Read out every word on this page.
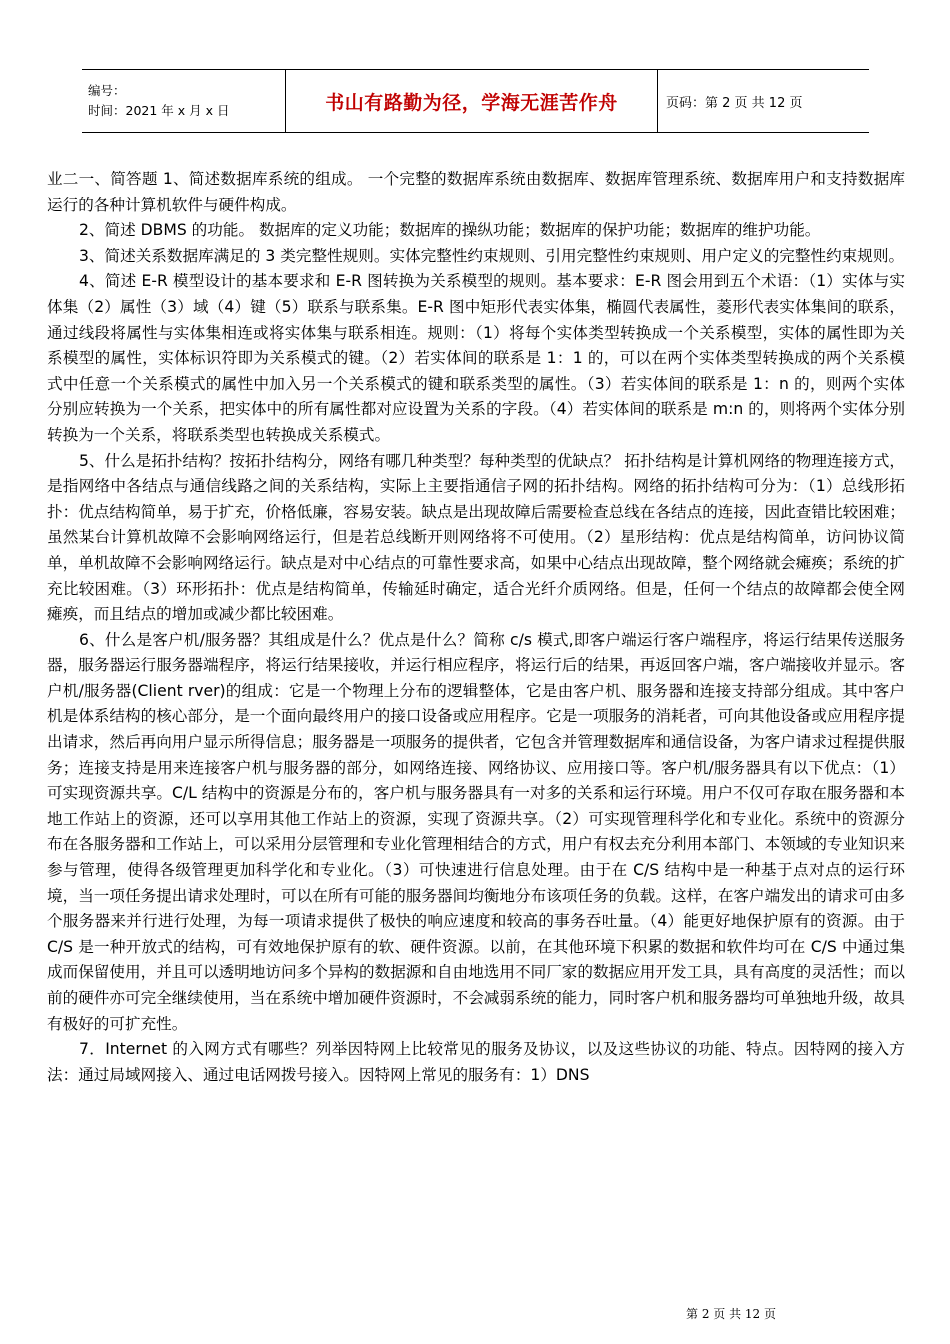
编号：
时间：2021 年 x 月 x 日	书山有路勤为径，学海无涯苦作舟	页码：第 2 页 共 12 页

业二一、简答题 1、简述数据库系统的组成。 一个完整的数据库系统由数据库、数据库管理系统、数据库用户和支持数据库运行的各种计算机软件与硬件构成。

2、简述 DBMS 的功能。 数据库的定义功能；数据库的操纵功能；数据库的保护功能；数据库的维护功能。

3、简述关系数据库满足的 3 类完整性规则。实体完整性约束规则、引用完整性约束规则、用户定义的完整性约束规则。

4、简述 E-R 模型设计的基本要求和 E-R 图转换为关系模型的规则。基本要求：E-R 图会用到五个术语：（1）实体与实体集（2）属性（3）域（4）键（5）联系与联系集。E-R 图中矩形代表实体集，椭圆代表属性，菱形代表实体集间的联系，通过线段将属性与实体集相连或将实体集与联系相连。规则：（1）将每个实体类型转换成一个关系模型，实体的属性即为关系模型的属性，实体标识符即为关系模式的键。（2）若实体间的联系是 1：1 的，可以在两个实体类型转换成的两个关系模式中任意一个关系模式的属性中加入另一个关系模式的键和联系类型的属性。（3）若实体间的联系是 1：n 的，则两个实体分别应转换为一个关系，把实体中的所有属性都对应设置为关系的字段。（4）若实体间的联系是 m:n 的，则将两个实体分别转换为一个关系，将联系类型也转换成关系模式。

5、什么是拓扑结构？按拓扑结构分，网络有哪几种类型？每种类型的优缺点？ 拓扑结构是计算机网络的物理连接方式，是指网络中各结点与通信线路之间的关系结构，实际上主要指通信子网的拓扑结构。网络的拓扑结构可分为：（1）总线形拓扑：优点结构简单，易于扩充，价格低廉，容易安装。缺点是出现故障后需要检查总线在各结点的连接，因此查错比较困难；虽然某台计算机故障不会影响网络运行，但是若总线断开则网络将不可使用。（2）星形结构：优点是结构简单，访问协议简单，单机故障不会影响网络运行。缺点是对中心结点的可靠性要求高，如果中心结点出现故障，整个网络就会瘫痪；系统的扩充比较困难。（3）环形拓扑：优点是结构简单，传输延时确定，适合光纤介质网络。但是，任何一个结点的故障都会使全网瘫痪，而且结点的增加或减少都比较困难。

6、什么是客户机/服务器？其组成是什么？优点是什么？简称 c/s 模式,即客户端运行客户端程序，将运行结果传送服务器，服务器运行服务器端程序，将运行结果接收，并运行相应程序，将运行后的结果，再返回客户端，客户端接收并显示。客户机/服务器(Client rver)的组成：它是一个物理上分布的逻辑整体，它是由客户机、服务器和连接支持部分组成。其中客户机是体系结构的核心部分，是一个面向最终用户的接口设备或应用程序。它是一项服务的消耗者，可向其他设备或应用程序提出请求，然后再向用户显示所得信息；服务器是一项服务的提供者，它包含并管理数据库和通信设备，为客户请求过程提供服务；连接支持是用来连接客户机与服务器的部分，如网络连接、网络协议、应用接口等。客户机/服务器具有以下优点：（1）可实现资源共享。C/L 结构中的资源是分布的，客户机与服务器具有一对多的关系和运行环境。用户不仅可存取在服务器和本地工作站上的资源，还可以享用其他工作站上的资源，实现了资源共享。（2）可实现管理科学化和专业化。系统中的资源分布在各服务器和工作站上，可以采用分层管理和专业化管理相结合的方式，用户有权去充分利用本部门、本领域的专业知识来参与管理，使得各级管理更加科学化和专业化。（3）可快速进行信息处理。由于在 C/S 结构中是一种基于点对点的运行环境，当一项任务提出请求处理时，可以在所有可能的服务器间均衡地分布该项任务的负载。这样，在客户端发出的请求可由多个服务器来并行进行处理，为每一项请求提供了极快的响应速度和较高的事务吞吐量。（4）能更好地保护原有的资源。由于 C/S 是一种开放式的结构，可有效地保护原有的软、硬件资源。以前，在其他环境下积累的数据和软件均可在 C/S 中通过集成而保留使用，并且可以透明地访问多个异构的数据源和自由地选用不同厂家的数据应用开发工具，具有高度的灵活性；而以前的硬件亦可完全继续使用，当在系统中增加硬件资源时，不会减弱系统的能力，同时客户机和服务器均可单独地升级，故具有极好的可扩充性。

7．Internet 的入网方式有哪些？列举因特网上比较常见的服务及协议，以及这些协议的功能、特点。因特网的接入方法：通过局域网接入、通过电话网拨号接入。因特网上常见的服务有：1）DNS

第 2 页 共 12 页
